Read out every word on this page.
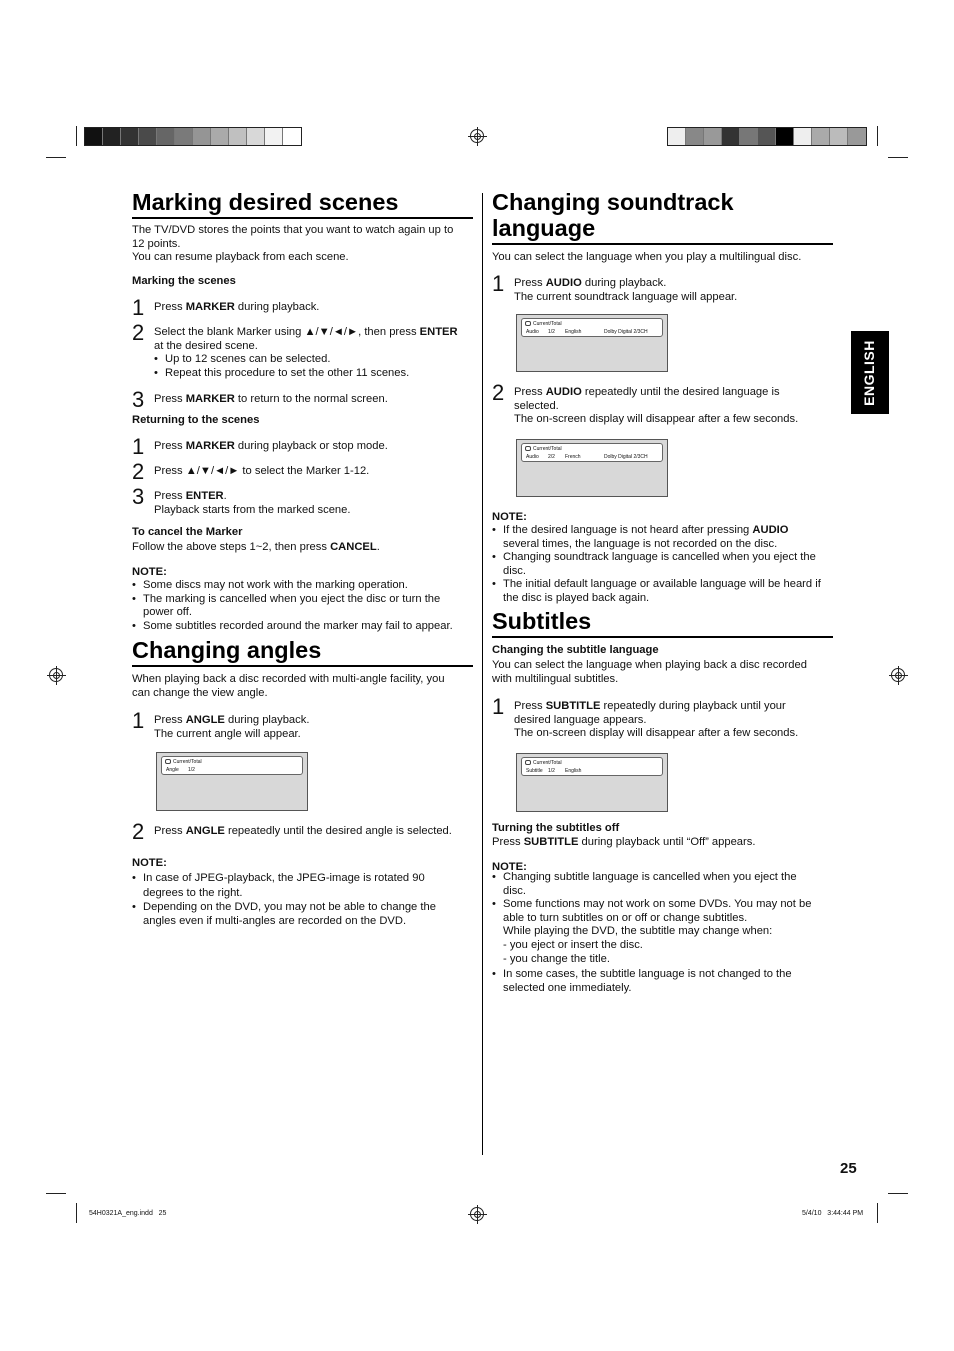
ENGLISH
Marking desired scenes

The TV/DVD stores the points that you want to watch again up to

12 points.

You can resume playback from each scene.

Marking the scenes

1 Press MARKER during playback.

2 Select the blank Marker using ▲/▼/◄/►, then press ENTER

at the desired scene.

• Up to 12 scenes can be selected.
• Repeat this procedure to set the other 11 scenes.
3 Press MARKER to return to the normal screen.

Returning to the scenes

1 Press MARKER during playback or stop mode.

2 Press ▲/▼/◄/► to select the Marker 1-12.

3 Press ENTER.

Playback starts from the marked scene.

To cancel the Marker

Follow the above steps 1~2, then press CANCEL.

NOTE:

• Some discs may not work with the marking operation.
• The marking is cancelled when you eject the disc or turn the
power off.
• Some subtitles recorded around the marker may fail to appear.
Changing angles

When playing back a disc recorded with multi-angle facility, you

can change the view angle.

1 Press ANGLE during playback.

The current angle will appear.

Current/Total
Angle	1/2
2 Press ANGLE repeatedly until the desired angle is selected.

NOTE:

• In case of JPEG-playback, the JPEG-image is rotated 90
degrees to the right.
• Depending on the DVD, you may not be able to change the
angles even if multi-angles are recorded on the DVD.
Changing soundtrack
language

You can select the language when you play a multilingual disc.

1 Press AUDIO during playback.

The current soundtrack language will appear.

Current/Total
Audio	1/2	English	Dolby Digital 2/3CH
2 Press AUDIO repeatedly until the desired language is

selected.

The on-screen display will disappear after a few seconds.

Current/Total
Audio	2/2	French	Dolby Digital 2/3CH

NOTE:

• If the desired language is not heard after pressing AUDIO
several times, the language is not recorded on the disc.
• Changing soundtrack language is cancelled when you eject the
disc.
• The initial default language or available language will be heard if
the disc is played back again.
Subtitles

Changing the subtitle language

You can select the language when playing back a disc recorded

with multilingual subtitles.

1 Press SUBTITLE repeatedly during playback until your

desired language appears.

The on-screen display will disappear after a few seconds.

Current/Total
Subtitle	1/2	English

Turning the subtitles off

Press SUBTITLE during playback until “Off” appears.

NOTE:

• Changing subtitle language is cancelled when you eject the
disc.
• Some functions may not work on some DVDs. You may not be
able to turn subtitles on or off or change subtitles.
While playing the DVD, the subtitle may change when:
- you eject or insert the disc.
- you change the title.
• In some cases, the subtitle language is not changed to the
selected one immediately.

25

54H0321A_eng.indd   25	5/4/10   3:44:44 PM
